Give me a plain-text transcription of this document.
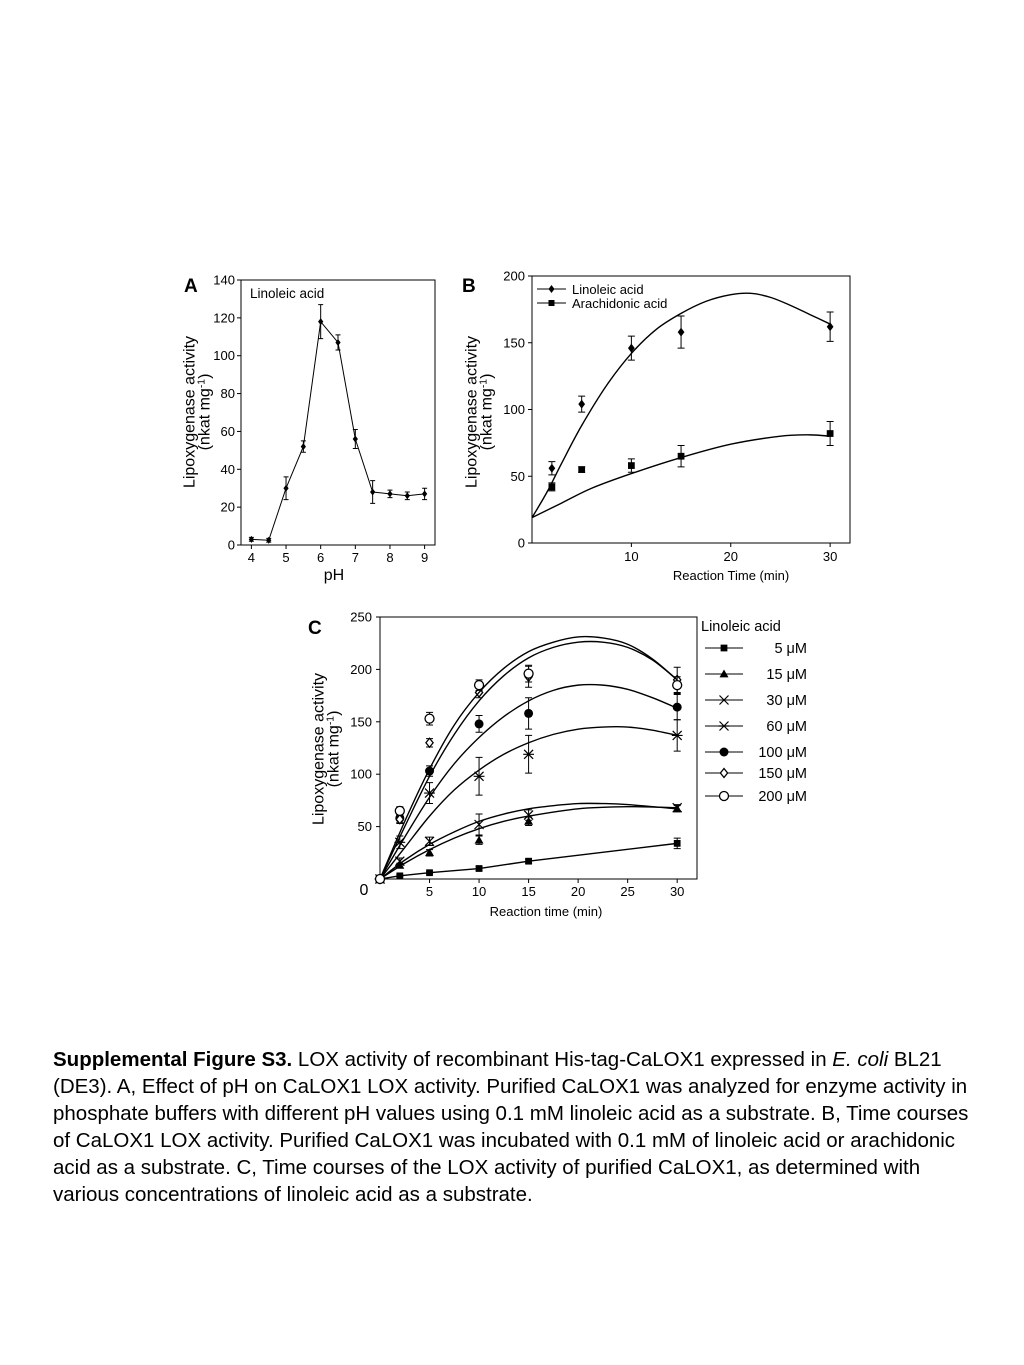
A
4 5 6 7 8 9
0
20
40
60
80
100
120
140
Linoleic acid
pH
Lipoxygenase activity(nkat $mg^{-1}$)
B
10	20	30
0
50
100
150
200
Reaction Time (min)
Lipoxygenase activity(nkat $mg^{-1}$)
Linoleic acid
Arachidonic acid
C
5	10	15	20	25	30
50
100
150
200
250
0
Reaction time (min)
Lipoxygenase activity(nkat $mg^{-1}$)
Linoleic acid
5 μM
15 μM
30 μM
60 μM
100 μM
150 μM
200 μM
Supplemental Figure S3. LOX activity of recombinant His-tag-CaLOX1 expressed in E. coli BL21 (DE3). A, Effect of pH on CaLOX1 LOX activity. Purified CaLOX1 was analyzed for enzyme activity in phosphate buffers with different pH values using 0.1 mM linoleic acid as a substrate. B, Time courses of CaLOX1 LOX activity. Purified CaLOX1 was incubated with 0.1 mM of linoleic acid or arachidonic acid as a substrate. C, Time courses of the LOX activity of purified CaLOX1, as determined with various concentrations of linoleic acid as a substrate.
